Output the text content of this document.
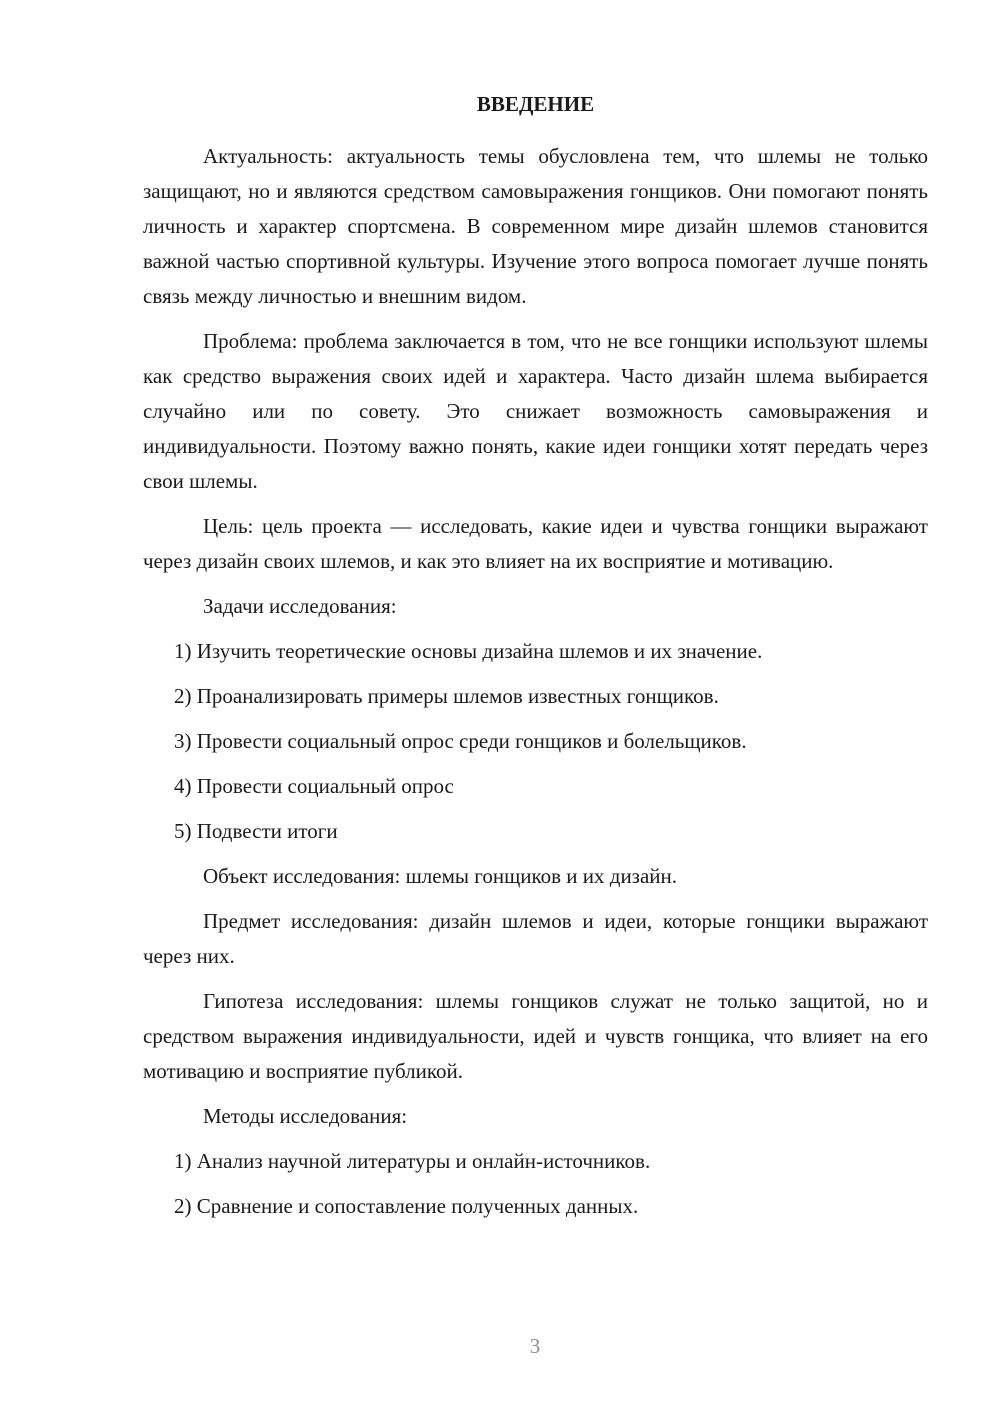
ВВЕДЕНИЕ

Актуальность: актуальность темы обусловлена тем, что шлемы не только защищают, но и являются средством самовыражения гонщиков. Они помогают понять личность и характер спортсмена. В современном мире дизайн шлемов становится важной частью спортивной культуры. Изучение этого вопроса помогает лучше понять связь между личностью и внешним видом.

Проблема: проблема заключается в том, что не все гонщики используют шлемы как средство выражения своих идей и характера. Часто дизайн шлема выбирается случайно или по совету. Это снижает возможность самовыражения и индивидуальности. Поэтому важно понять, какие идеи гонщики хотят передать через свои шлемы.

Цель: цель проекта — исследовать, какие идеи и чувства гонщики выражают через дизайн своих шлемов, и как это влияет на их восприятие и мотивацию.

Задачи исследования:

1) Изучить теоретические основы дизайна шлемов и их значение.
2) Проанализировать примеры шлемов известных гонщиков.
3) Провести социальный опрос среди гонщиков и болельщиков.
4) Провести социальный опрос
5) Подвести итоги

Объект исследования: шлемы гонщиков и их дизайн.

Предмет исследования: дизайн шлемов и идеи, которые гонщики выражают через них.

Гипотеза исследования: шлемы гонщиков служат не только защитой, но и средством выражения индивидуальности, идей и чувств гонщика, что влияет на его мотивацию и восприятие публикой.

Методы исследования:

1) Анализ научной литературы и онлайн-источников.
2) Сравнение и сопоставление полученных данных.
3
